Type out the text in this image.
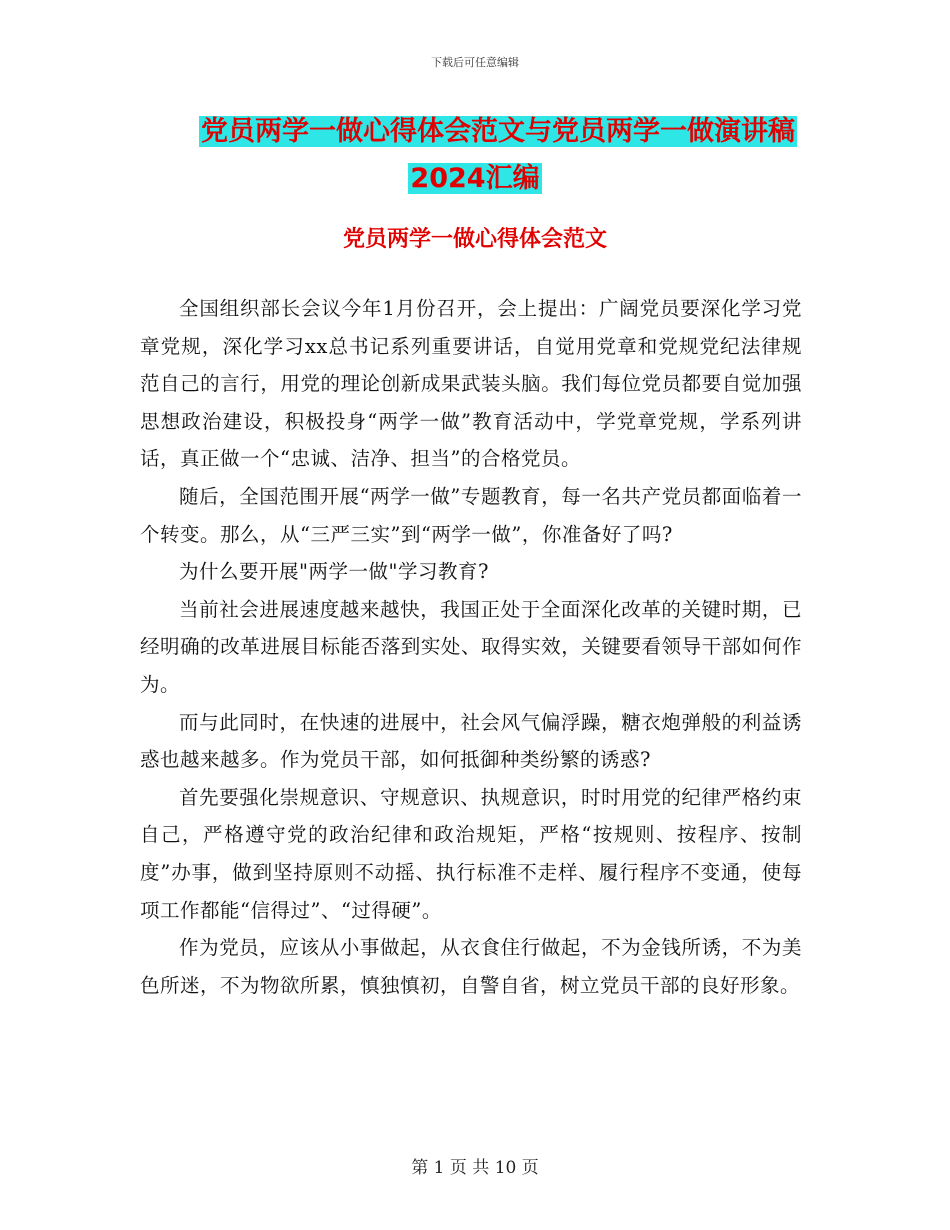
下载后可任意编辑
党员两学一做心得体会范文与党员两学一做演讲稿
2024汇编
党员两学一做心得体会范文

全国组织部长会议今年1月份召开，会上提出：广阔党员要深化学习党章党规，深化学习xx总书记系列重要讲话，自觉用党章和党规党纪法律规范自己的言行，用党的理论创新成果武装头脑。我们每位党员都要自觉加强思想政治建设，积极投身“两学一做”教育活动中，学党章党规，学系列讲话，真正做一个“忠诚、洁净、担当”的合格党员。

随后，全国范围开展“两学一做”专题教育，每一名共产党员都面临着一个转变。那么，从“三严三实”到“两学一做”，你准备好了吗?

为什么要开展"两学一做"学习教育?

当前社会进展速度越来越快，我国正处于全面深化改革的关键时期，已经明确的改革进展目标能否落到实处、取得实效，关键要看领导干部如何作为。

而与此同时，在快速的进展中，社会风气偏浮躁，糖衣炮弹般的利益诱惑也越来越多。作为党员干部，如何抵御种类纷繁的诱惑?

首先要强化崇规意识、守规意识、执规意识，时时用党的纪律严格约束自己，严格遵守党的政治纪律和政治规矩，严格“按规则、按程序、按制度”办事，做到坚持原则不动摇、执行标准不走样、履行程序不变通，使每项工作都能“信得过”、“过得硬”。

作为党员，应该从小事做起，从衣食住行做起，不为金钱所诱，不为美色所迷，不为物欲所累，慎独慎初，自警自省，树立党员干部的良好形象。

第 1 页 共 10 页
